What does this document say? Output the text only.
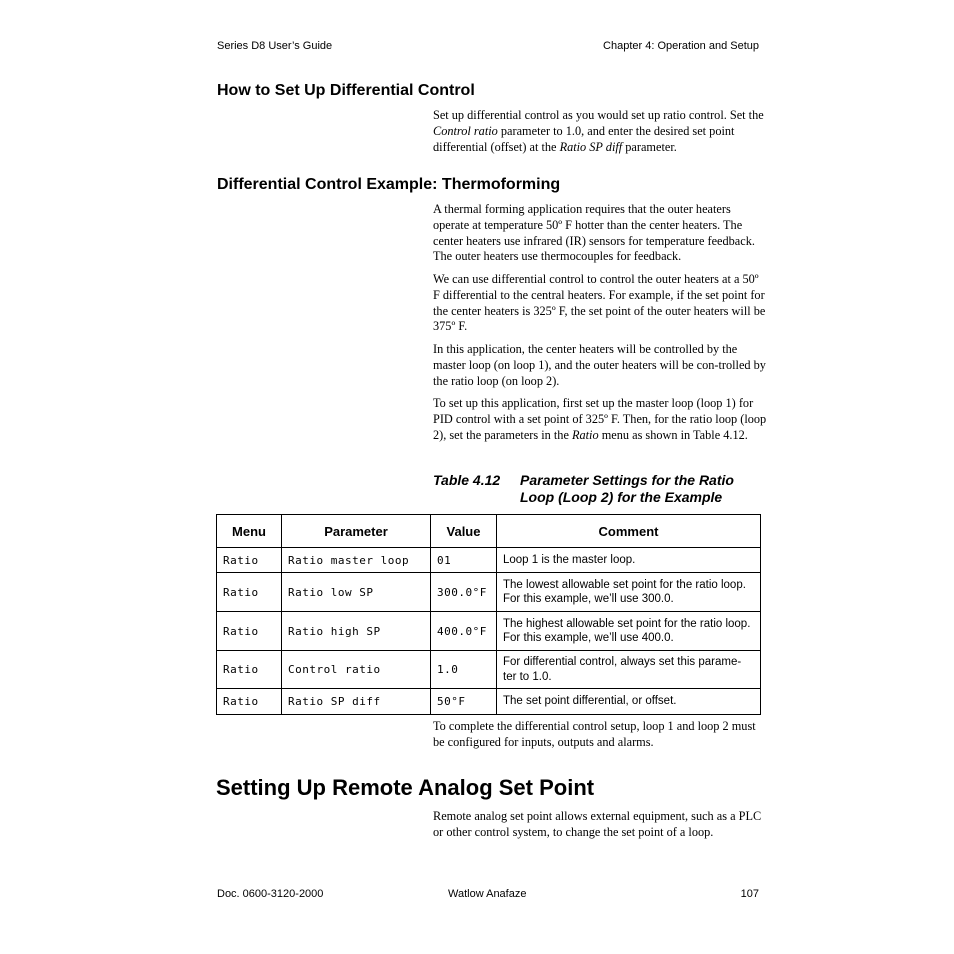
Series D8 User’s Guide	Chapter 4: Operation and Setup
How to Set Up Differential Control

Set up differential control as you would set up ratio control. Set the Control ratio parameter to 1.0, and enter the desired set point differential (offset) at the Ratio SP diff parameter.

Differential Control Example: Thermoforming
A thermal forming application requires that the outer heaters operate at temperature 50º F hotter than the center heaters. The center heaters use infrared (IR) sensors for temperature feedback. The outer heaters use thermocouples for feedback.
We can use differential control to control the outer heaters at a 50º F differential to the central heaters. For example, if the set point for the center heaters is 325º F, the set point of the outer heaters will be 375º F.
In this application, the center heaters will be controlled by the master loop (on loop 1), and the outer heaters will be con-trolled by the ratio loop (on loop 2).

To set up this application, first set up the master loop (loop 1) for PID control with a set point of 325º F. Then, for the ratio loop (loop 2), set the parameters in the Ratio menu as shown in Table 4.12.

Table 4.12 Parameter Settings for the Ratio
Loop (Loop 2) for the Example
Menu	Parameter	Value	Comment
Ratio	Ratio master loop	01	Loop 1 is the master loop.
Ratio	Ratio low SP	300.0°F	The lowest allowable set point for the ratio loop. For this example, we’ll use 300.0.
Ratio	Ratio high SP	400.0°F	The highest allowable set point for the ratio loop. For this example, we’ll use 400.0.
Ratio	Control ratio	1.0	For differential control, always set this parame-ter to 1.0.
Ratio	Ratio SP diff	50°F	The set point differential, or offset.
To complete the differential control setup, loop 1 and loop 2 must be configured for inputs, outputs and alarms.
Setting Up Remote Analog Set Point
Remote analog set point allows external equipment, such as a PLC or other control system, to change the set point of a loop.
Doc. 0600-3120-2000	Watlow Anafaze	107
